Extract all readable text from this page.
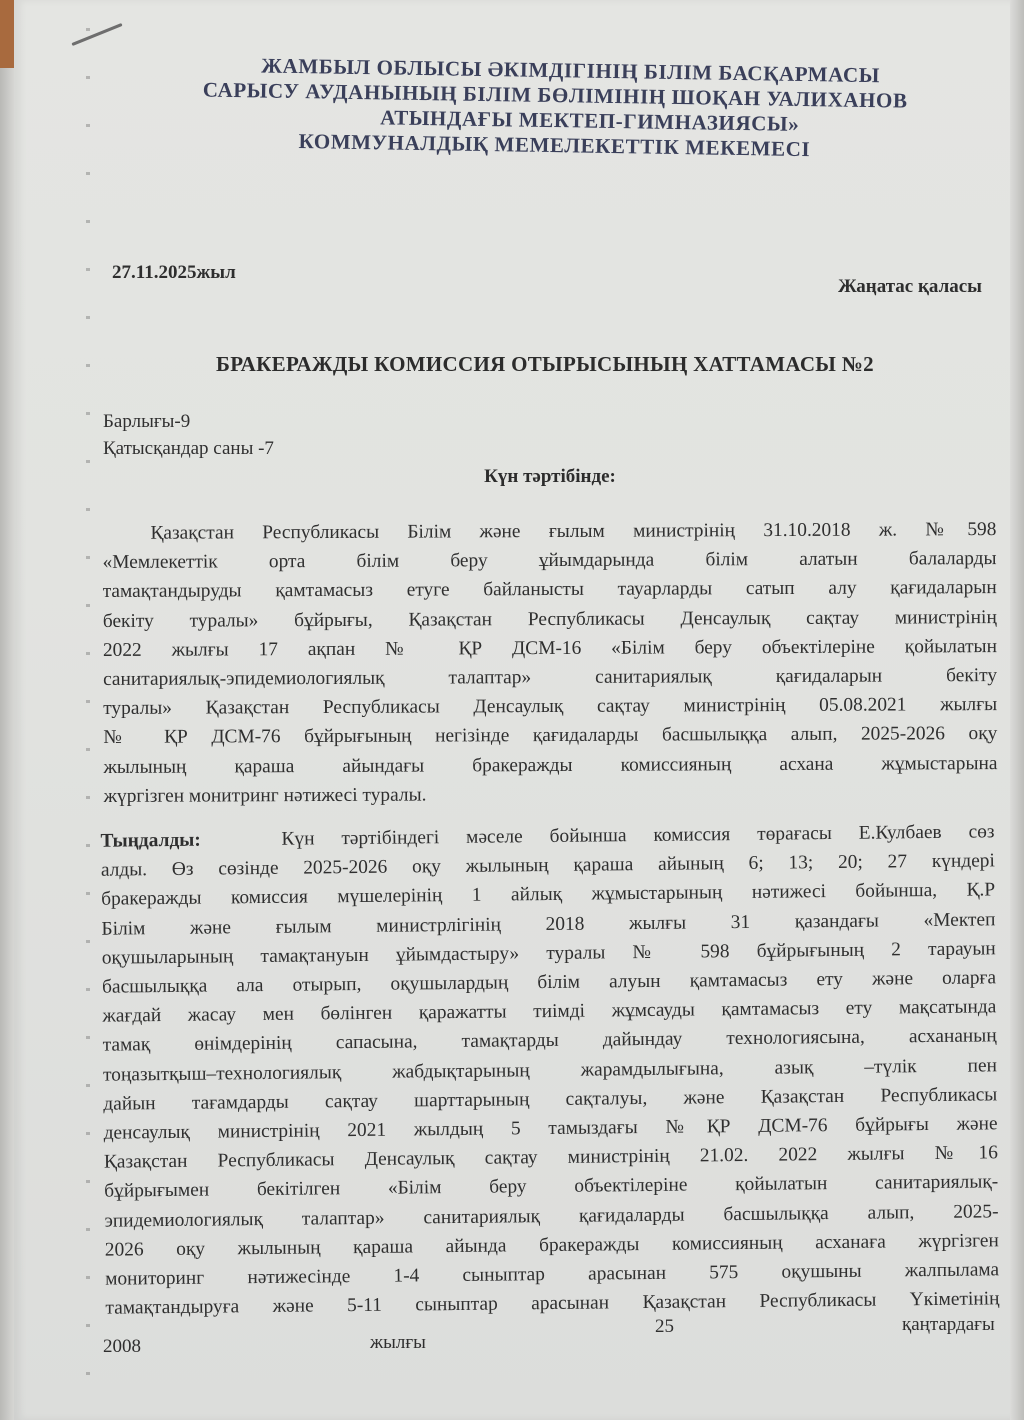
ЖАМБЫЛ ОБЛЫСЫ ӘКІМДІГІНІҢ БІЛІМ БАСҚАРМАСЫ
САРЫСУ АУДАНЫНЫҢ БІЛІМ БӨЛІМІНІҢ ШОҚАН УАЛИХАНОВ
АТЫНДАҒЫ МЕКТЕП-ГИМНАЗИЯСЫ»
КОММУНАЛДЫҚ МЕМЕЛЕКЕТТІК МЕКЕМЕСІ
27.11.2025жыл
Жаңатас қаласы
БРАКЕРАЖДЫ КОМИССИЯ ОТЫРЫСЫНЫҢ ХАТТАМАСЫ №2
Барлығы-9
Қатысқандар саны -7
Күн тәртібінде:
Қазақстан Республикасы Білім және ғылым министрінің 31.10.2018 ж. №598
«Мемлекеттік орта білім беру ұйымдарында білім алатын балаларды
тамақтандыруды қамтамасыз етуге байланысты тауарларды сатып алу қағидаларын
бекіту туралы» бұйрығы, Қазақстан Республикасы Денсаулық сақтау министрінің
2022 жылғы 17 ақпан № ҚР ДСМ-16 «Білім беру объектілеріне қойылатын
санитариялық-эпидемиологиялық талаптар» санитариялық қағидаларын бекіту
туралы» Қазақстан Республикасы Денсаулық сақтау министрінің 05.08.2021 жылғы
№ ҚР ДСМ-76 бұйрығының негізінде қағидаларды басшылыққа алып, 2025-2026 оқу
жылының қараша айындағы бракеражды комиссияның асхана жұмыстарына
жүргізген монитринг нәтижесі туралы.
Тыңдалды:	Күн тәртібіндегі мәселе бойынша комиссия төрағасы Е.Кулбаев сөз
алды. Өз сөзінде 2025-2026 оқу жылының қараша айының 6; 13; 20; 27 күндері
бракеражды комиссия мүшелерінің 1 айлық жұмыстарының нәтижесі бойынша, Қ.Р
Білім және ғылым министрлігінің 2018 жылғы 31 қазандағы «Мектеп
оқушыларының тамақтануын ұйымдастыру» туралы № 598 бұйрығының 2 тарауын
басшылыққа ала отырып, оқушылардың білім алуын қамтамасыз ету және оларға
жағдай жасау мен бөлінген қаражатты тиімді жұмсауды қамтамасыз ету мақсатында
тамақ өнімдерінің сапасына, тамақтарды дайындау технологиясына, асхананың
тоңазытқыш–технологиялық жабдықтарының жарамдылығына, азық –түлік пен
дайын тағамдарды сақтау шарттарының сақталуы, және Қазақстан Республикасы
денсаулық министрінің 2021 жылдың 5 тамыздағы №ҚР ДСМ-76 бұйрығы және
Қазақстан Республикасы Денсаулық сақтау министрінің 21.02. 2022 жылғы №16
бұйрығымен бекітілген «Білім беру объектілеріне қойылатын санитариялық-
эпидемиологиялық талаптар» санитариялық қағидаларды басшылыққа алып, 2025-
2026 оқу жылының қараша айында бракеражды комиссияның асханаға жүргізген
мониторинг нәтижесінде 1-4 сыныптар арасынан 575 оқушыны жалпылама
тамақтандыруға және 5-11 сыныптар арасынан Қазақстан Республикасы Үкіметінің
2008	жылғы
25	қаңтардағы
